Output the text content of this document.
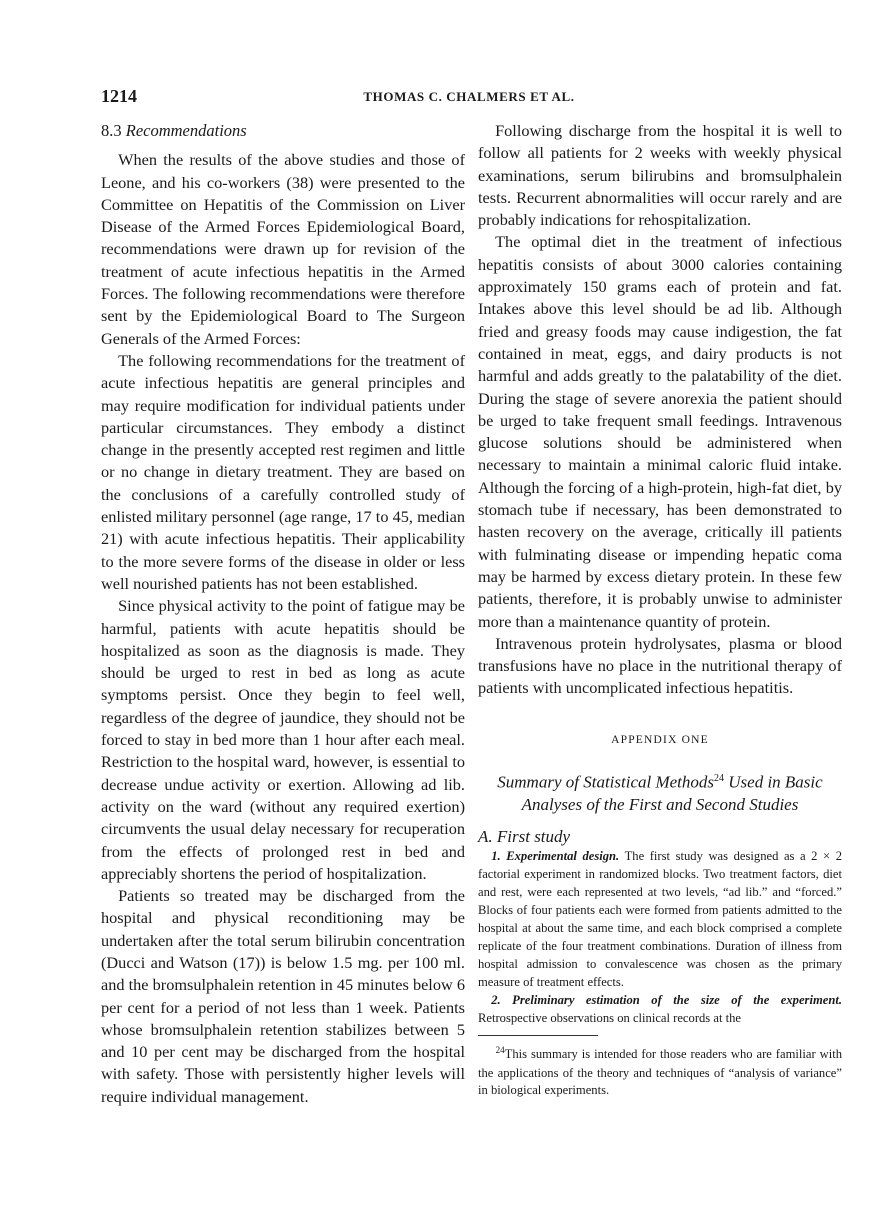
1214	THOMAS C. CHALMERS ET AL.
8.3 Recommendations

When the results of the above studies and those of Leone, and his co-workers (38) were presented to the Committee on Hepatitis of the Commission on Liver Disease of the Armed Forces Epidemiological Board, recommendations were drawn up for revision of the treatment of acute infectious hepatitis in the Armed Forces. The following recommendations were therefore sent by the Epidemiological Board to The Surgeon Generals of the Armed Forces:

The following recommendations for the treatment of acute infectious hepatitis are general principles and may require modification for individual patients under particular circumstances. They embody a distinct change in the presently accepted rest regimen and little or no change in dietary treatment. They are based on the conclusions of a carefully controlled study of enlisted military personnel (age range, 17 to 45, median 21) with acute infectious hepatitis. Their applicability to the more severe forms of the disease in older or less well nourished patients has not been established.

Since physical activity to the point of fatigue may be harmful, patients with acute hepatitis should be hospitalized as soon as the diagnosis is made. They should be urged to rest in bed as long as acute symptoms persist. Once they begin to feel well, regardless of the degree of jaundice, they should not be forced to stay in bed more than 1 hour after each meal. Restriction to the hospital ward, however, is essential to decrease undue activity or exertion. Allowing ad lib. activity on the ward (without any required exertion) circumvents the usual delay necessary for recuperation from the effects of prolonged rest in bed and appreciably shortens the period of hospitalization.

Patients so treated may be discharged from the hospital and physical reconditioning may be undertaken after the total serum bilirubin concentration (Ducci and Watson (17)) is below 1.5 mg. per 100 ml. and the bromsulphalein retention in 45 minutes below 6 per cent for a period of not less than 1 week. Patients whose bromsulphalein retention stabilizes between 5 and 10 per cent may be discharged from the hospital with safety. Those with persistently higher levels will require individual management.

Following discharge from the hospital it is well to follow all patients for 2 weeks with weekly physical examinations, serum bilirubins and bromsulphalein tests. Recurrent abnormalities will occur rarely and are probably indications for rehospitalization.

The optimal diet in the treatment of infectious hepatitis consists of about 3000 calories containing approximately 150 grams each of protein and fat. Intakes above this level should be ad lib. Although fried and greasy foods may cause indigestion, the fat contained in meat, eggs, and dairy products is not harmful and adds greatly to the palatability of the diet. During the stage of severe anorexia the patient should be urged to take frequent small feedings. Intravenous glucose solutions should be administered when necessary to maintain a minimal caloric fluid intake. Although the forcing of a high-protein, high-fat diet, by stomach tube if necessary, has been demonstrated to hasten recovery on the average, critically ill patients with fulminating disease or impending hepatic coma may be harmed by excess dietary protein. In these few patients, therefore, it is probably unwise to administer more than a maintenance quantity of protein.

Intravenous protein hydrolysates, plasma or blood transfusions have no place in the nutritional therapy of patients with uncomplicated infectious hepatitis.

APPENDIX ONE
Summary of Statistical Methods$^{24}$ Used in Basic Analyses of the First and Second Studies
A. First study

1. Experimental design. The first study was designed as a 2 × 2 factorial experiment in randomized blocks. Two treatment factors, diet and rest, were each represented at two levels, “ad lib.” and “forced.” Blocks of four patients each were formed from patients admitted to the hospital at about the same time, and each block comprised a complete replicate of the four treatment combinations. Duration of illness from hospital admission to convalescence was chosen as the primary measure of treatment effects.

2. Preliminary estimation of the size of the experiment. Retrospective observations on clinical records at the

$^{24}$This summary is intended for those readers who are familiar with the applications of the theory and techniques of “analysis of variance” in biological experiments.
